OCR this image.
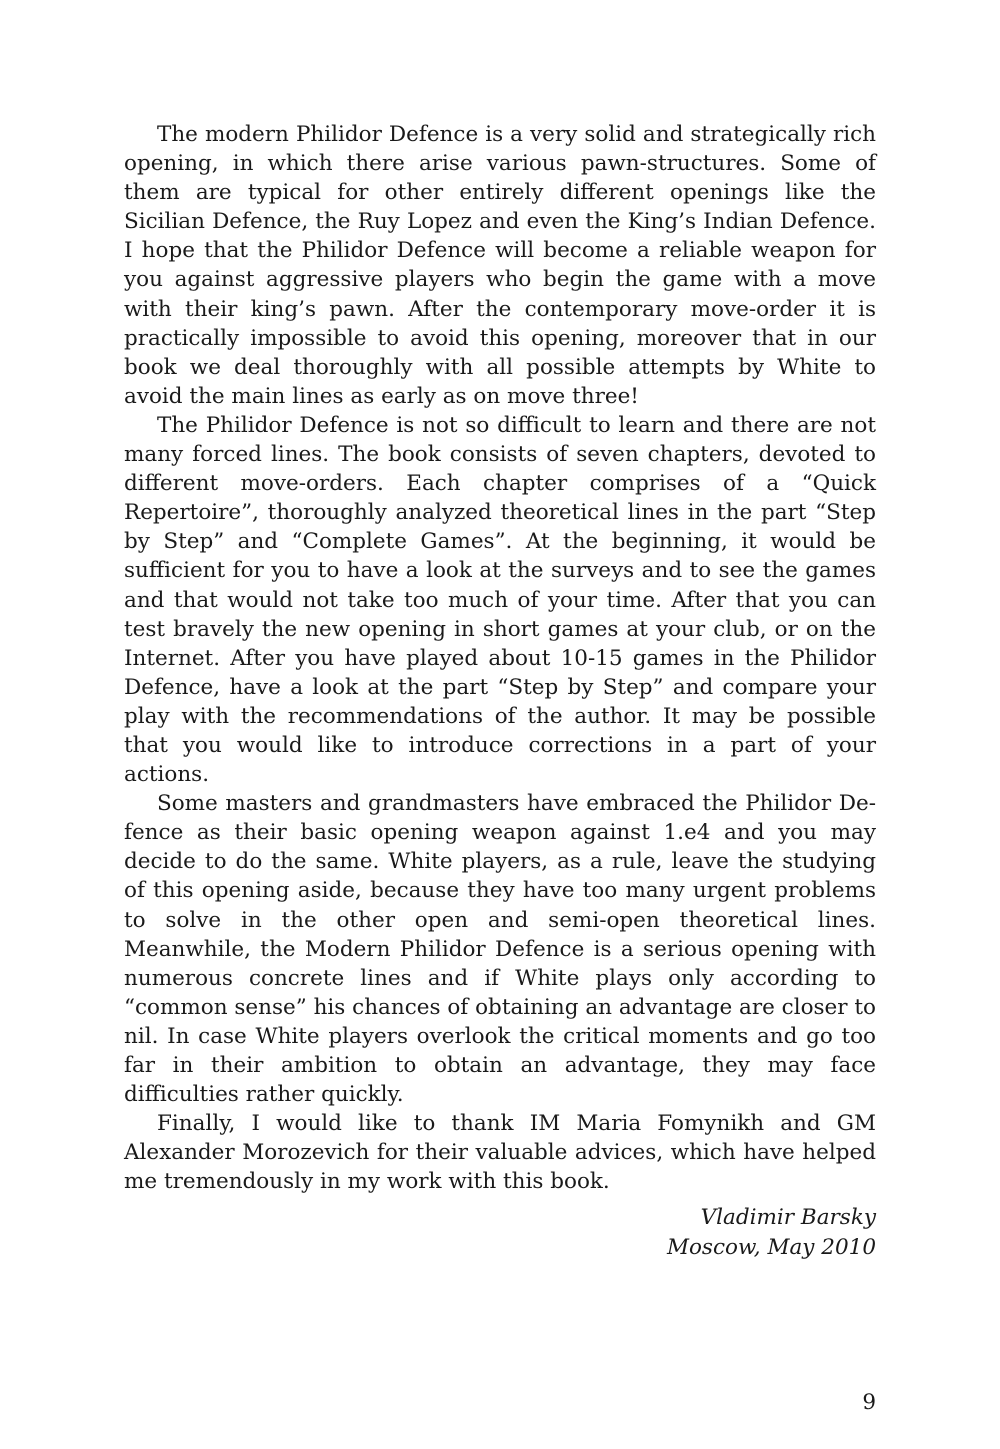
The modern Philidor Defence is a very solid and strategically rich opening, in which there arise various pawn-structures. Some of them are typical for other entirely different openings like the Sicilian Defence, the Ruy Lopez and even the King’s Indian Defence. I hope that the Philidor Defence will become a reliable weapon for you against aggressive players who begin the game with a move with their king’s pawn. After the contemporary move-order it is practically impossible to avoid this opening, moreover that in our book we deal thoroughly with all possible attempts by White to avoid the main lines as early as on move three!

The Philidor Defence is not so difficult to learn and there are not many forced lines. The book consists of seven chapters, devoted to different move-orders. Each chapter comprises of a “Quick Repertoire”, thoroughly analyzed theoretical lines in the part “Step by Step” and “Complete Games”. At the beginning, it would be sufficient for you to have a look at the surveys and to see the games and that would not take too much of your time. After that you can test bravely the new opening in short games at your club, or on the Internet. After you have played about 10-15 games in the Philidor Defence, have a look at the part “Step by Step” and compare your play with the recommendations of the author. It may be possible that you would like to introduce corrections in a part of your actions.

Some masters and grandmasters have embraced the Philidor Defence as their basic opening weapon against 1.e4 and you may decide to do the same. White players, as a rule, leave the studying of this opening aside, because they have too many urgent problems to solve in the other open and semi-open theoretical lines. Meanwhile, the Modern Philidor Defence is a serious opening with numerous concrete lines and if White plays only according to “common sense” his chances of obtaining an advantage are closer to nil. In case White players overlook the critical moments and go too far in their ambition to obtain an advantage, they may face difficulties rather quickly.

Finally, I would like to thank IM Maria Fomynikh and GM Alexander Morozevich for their valuable advices, which have helped me tremendously in my work with this book.

Vladimir Barsky
Moscow, May 2010
9
